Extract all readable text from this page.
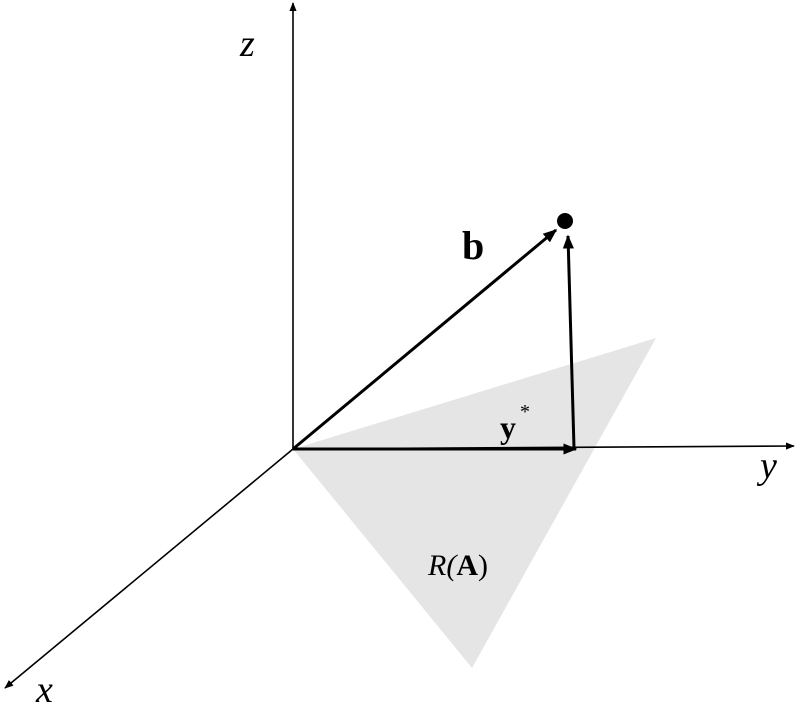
z
y
x
b
y *
R(A)
